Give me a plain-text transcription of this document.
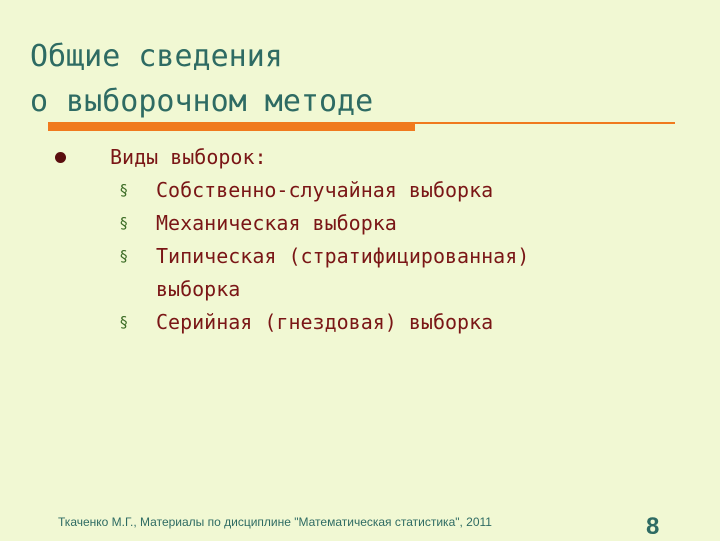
Общие сведения
о выборочном методе
Виды выборок:
§ Собственно-случайная выборка
§ Механическая выборка
§ Типическая (стратифицированная)
выборка
§ Серийная (гнездовая) выборка
Ткаченко М.Г., Материалы по дисциплине "Математическая статистика", 2011	8
